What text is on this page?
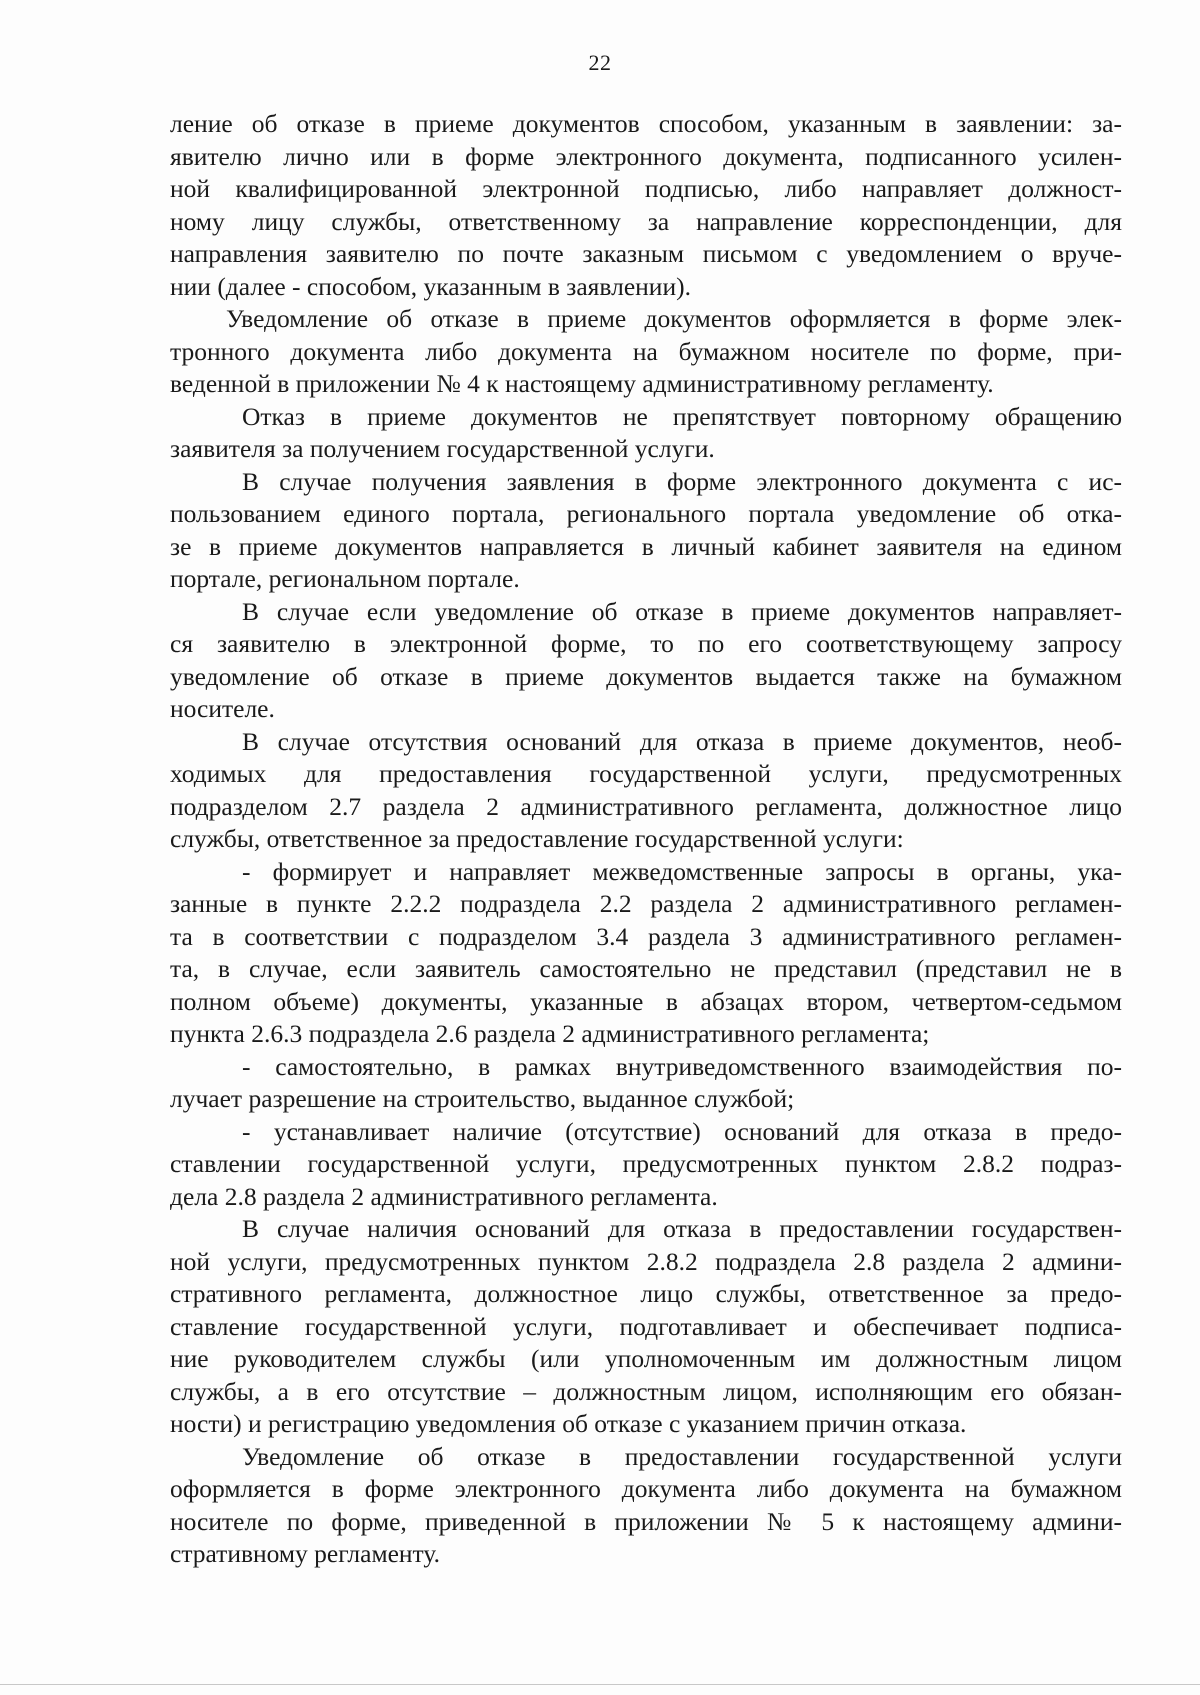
22
ление об отказе в приеме документов способом, указанным в заявлении: за-
явителю лично или в форме электронного документа, подписанного усилен-
ной квалифицированной электронной подписью, либо направляет должност-
ному лицу службы, ответственному за направление корреспонденции, для
направления заявителю по почте заказным письмом с уведомлением о вруче-
нии (далее - способом, указанным в заявлении).
Уведомление об отказе в приеме документов оформляется в форме элек-
тронного документа либо документа на бумажном носителе по форме, при-
веденной в приложении № 4 к настоящему административному регламенту.
Отказ в приеме документов не препятствует повторному обращению
заявителя за получением государственной услуги.
В случае получения заявления в форме электронного документа с ис-
пользованием единого портала, регионального портала уведомление об отка-
зе в приеме документов направляется в личный кабинет заявителя на едином
портале, региональном портале.
В случае если уведомление об отказе в приеме документов направляет-
ся заявителю в электронной форме, то по его соответствующему запросу
уведомление об отказе в приеме документов выдается также на бумажном
носителе.
В случае отсутствия оснований для отказа в приеме документов, необ-
ходимых для предоставления государственной услуги, предусмотренных
подразделом 2.7 раздела 2 административного регламента, должностное лицо
службы, ответственное за предоставление государственной услуги:
- формирует и направляет межведомственные запросы в органы, ука-
занные в пункте 2.2.2 подраздела 2.2 раздела 2 административного регламен-
та в соответствии с подразделом 3.4 раздела 3 административного регламен-
та, в случае, если заявитель самостоятельно не представил (представил не в
полном объеме) документы, указанные в абзацах втором, четвертом-седьмом
пункта 2.6.3 подраздела 2.6 раздела 2 административного регламента;
- самостоятельно, в рамках внутриведомственного взаимодействия по-
лучает разрешение на строительство, выданное службой;
- устанавливает наличие (отсутствие) оснований для отказа в предо-
ставлении государственной услуги, предусмотренных пунктом 2.8.2 подраз-
дела 2.8 раздела 2 административного регламента.
В случае наличия оснований для отказа в предоставлении государствен-
ной услуги, предусмотренных пунктом 2.8.2 подраздела 2.8 раздела 2 админи-
стративного регламента, должностное лицо службы, ответственное за предо-
ставление государственной услуги, подготавливает и обеспечивает подписа-
ние руководителем службы (или уполномоченным им должностным лицом
службы, а в его отсутствие – должностным лицом, исполняющим его обязан-
ности) и регистрацию уведомления об отказе с указанием причин отказа.
Уведомление об отказе в предоставлении государственной услуги
оформляется в форме электронного документа либо документа на бумажном
носителе по форме, приведенной в приложении № 5 к настоящему админи-
стративному регламенту.
